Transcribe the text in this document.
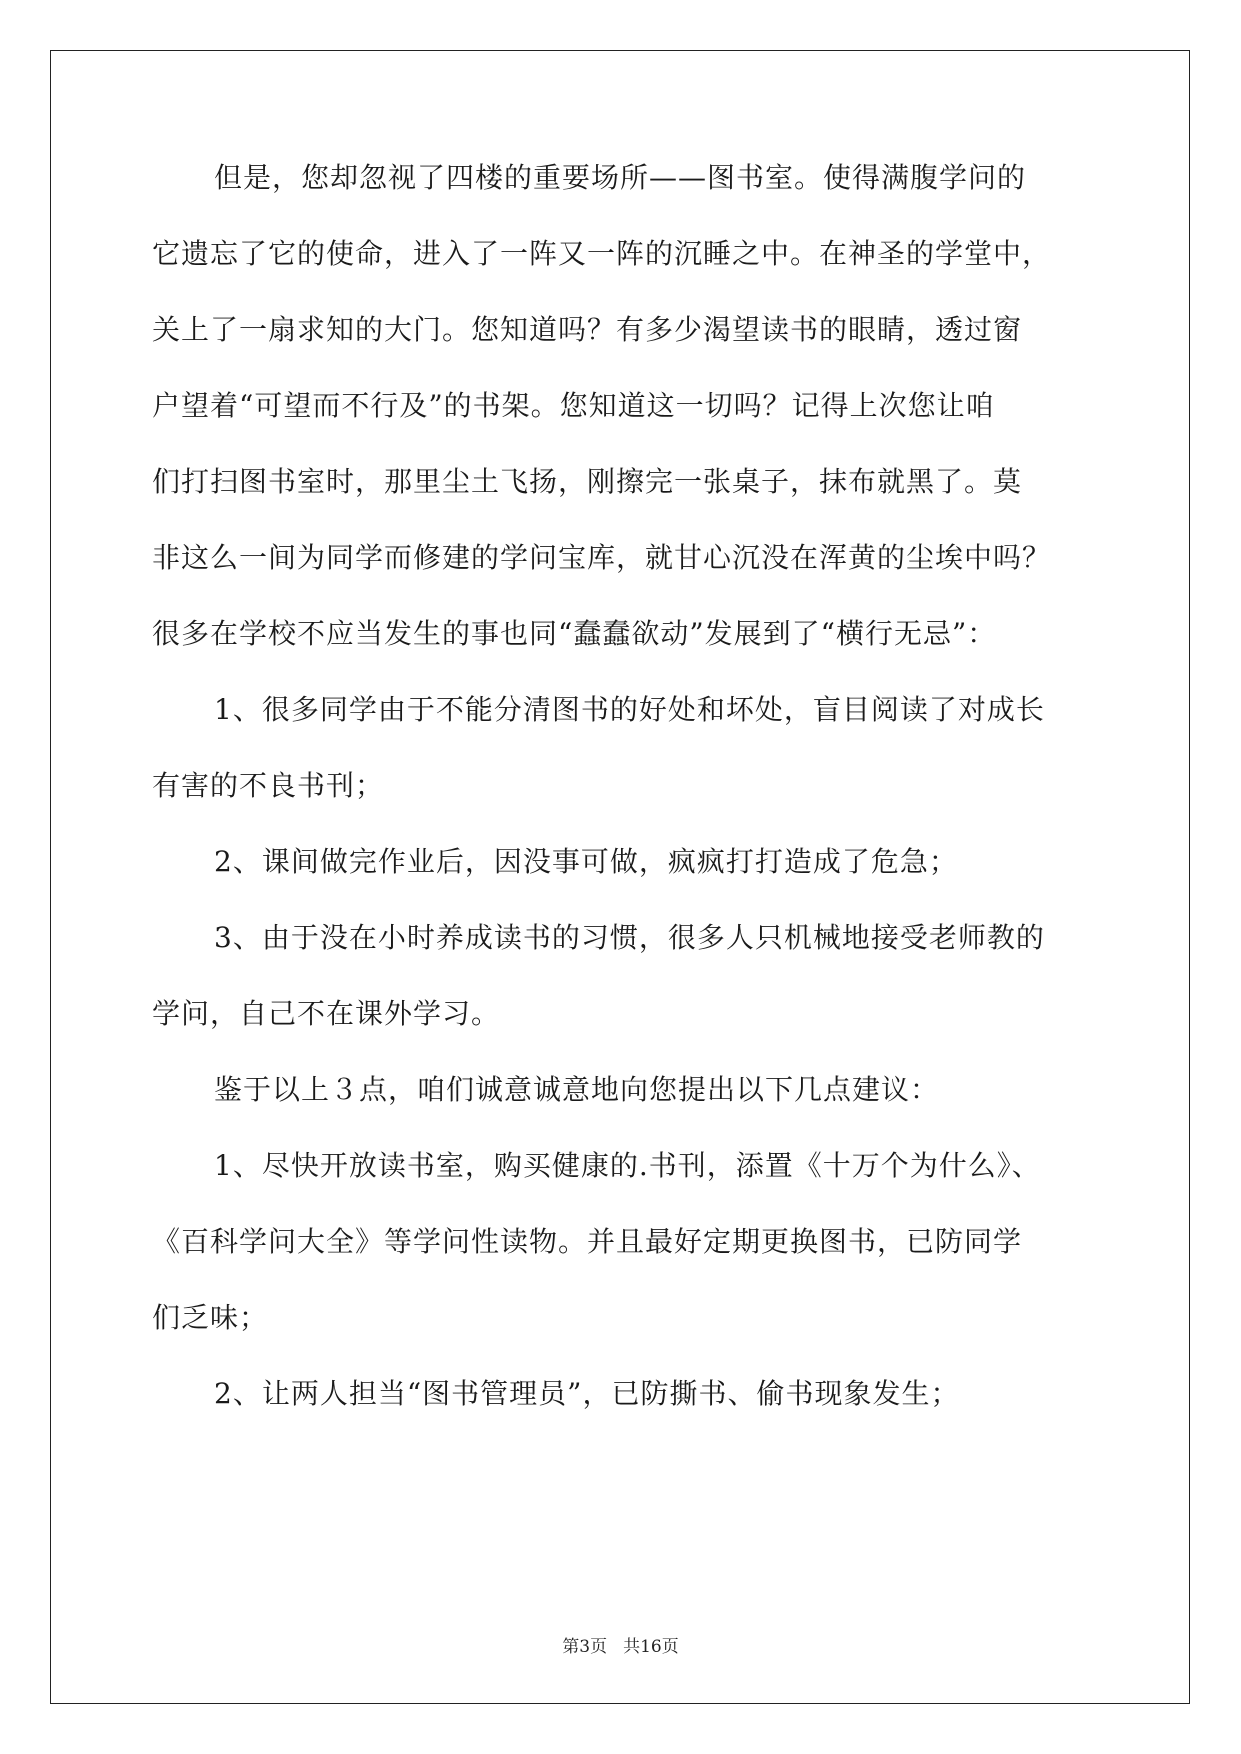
但是，您却忽视了四楼的重要场所——图书室。使得满腹学问的
它遗忘了它的使命，进入了一阵又一阵的沉睡之中。在神圣的学堂中，
关上了一扇求知的大门。您知道吗？有多少渴望读书的眼睛，透过窗
户望着“可望而不行及”的书架。您知道这一切吗？记得上次您让咱
们打扫图书室时，那里尘土飞扬，刚擦完一张桌子，抹布就黑了。莫
非这么一间为同学而修建的学问宝库，就甘心沉没在浑黄的尘埃中吗？
很多在学校不应当发生的事也同“蠢蠢欲动”发展到了“横行无忌”：
1、很多同学由于不能分清图书的好处和坏处，盲目阅读了对成长
有害的不良书刊；
2、课间做完作业后，因没事可做，疯疯打打造成了危急；
3、由于没在小时养成读书的习惯，很多人只机械地接受老师教的
学问，自己不在课外学习。
鉴于以上３点，咱们诚意诚意地向您提出以下几点建议：
1、尽快开放读书室，购买健康的.书刊，添置《十万个为什么》、
《百科学问大全》等学问性读物。并且最好定期更换图书，已防同学
们乏味；
2、让两人担当“图书管理员”，已防撕书、偷书现象发生；
第3页 共16页
